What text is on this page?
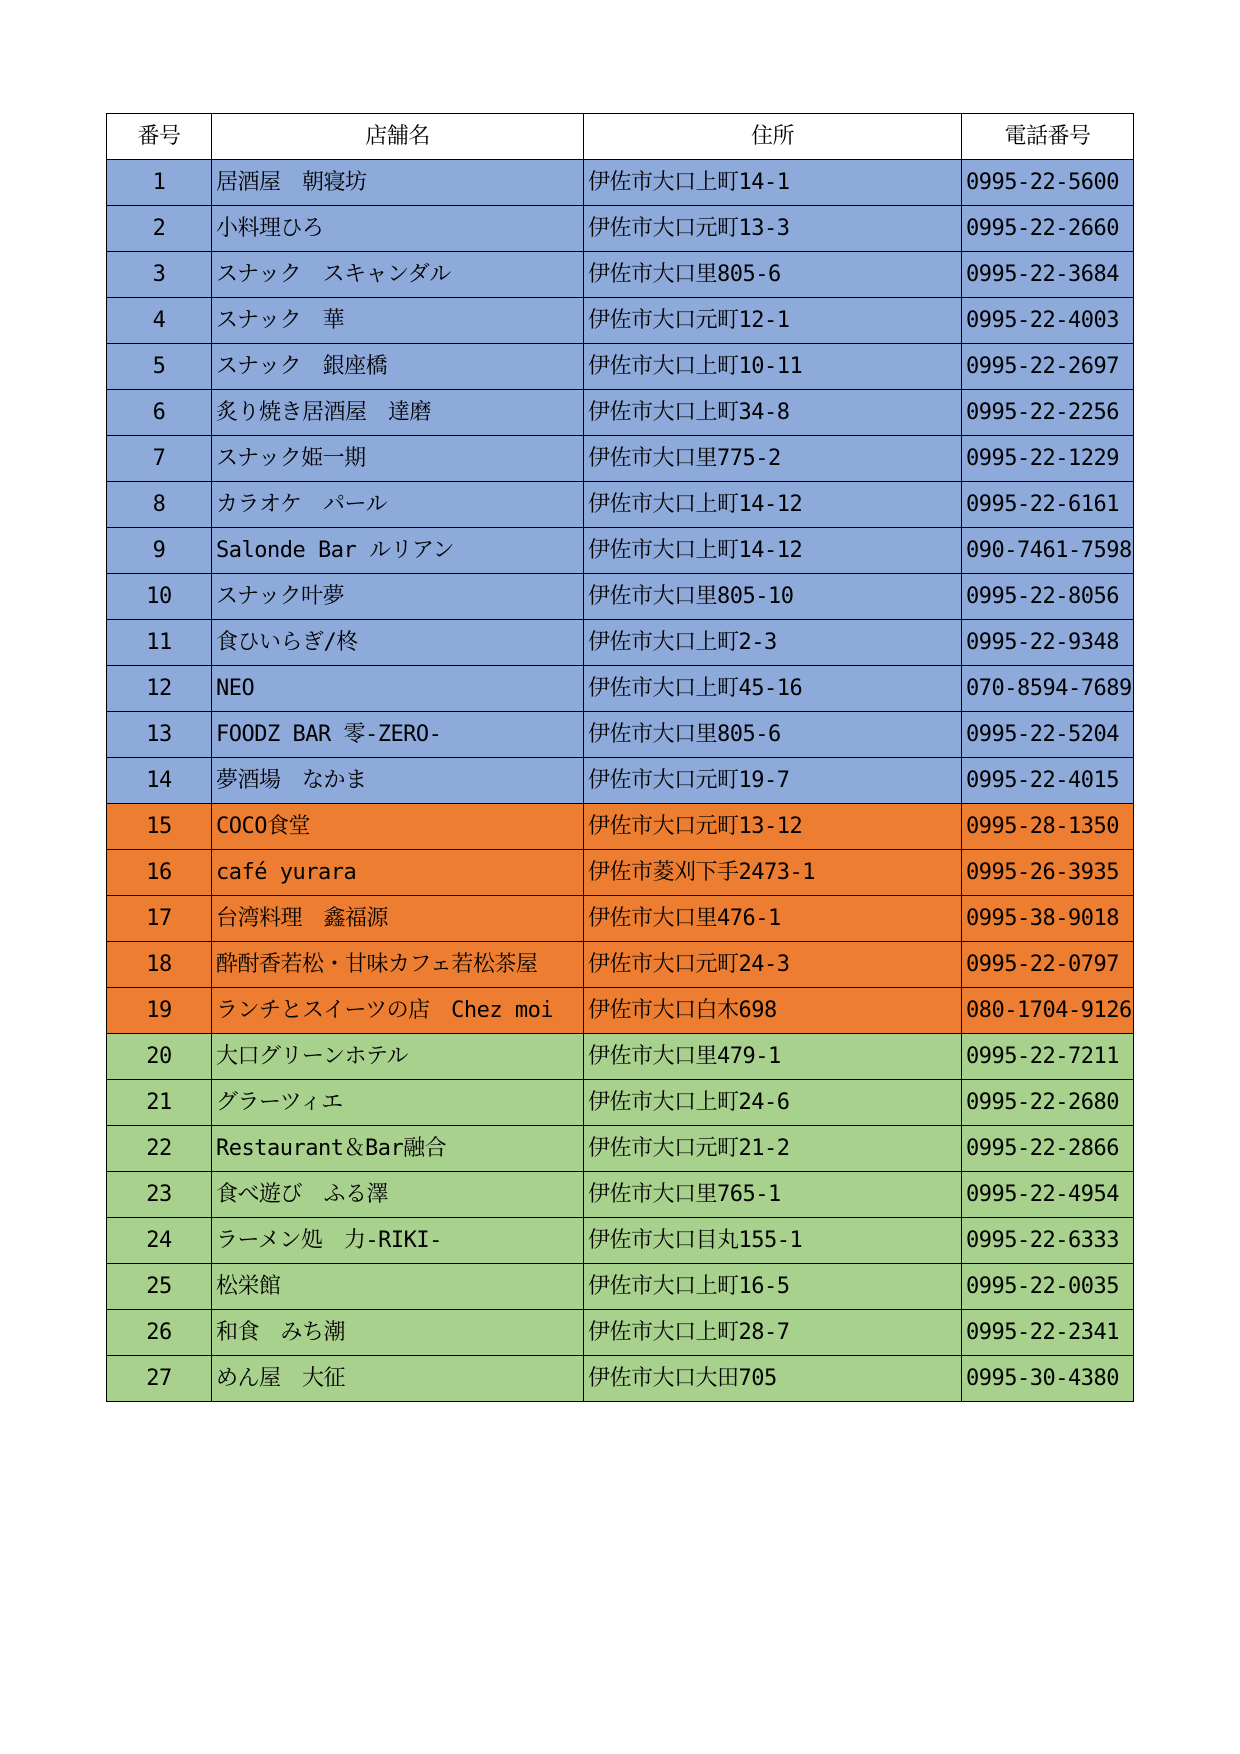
番号	店舗名	住所	電話番号
1	居酒屋　朝寝坊	伊佐市大口上町14-1	0995-22-5600
2	小料理ひろ	伊佐市大口元町13-3	0995-22-2660
3	スナック　スキャンダル	伊佐市大口里805-6	0995-22-3684
4	スナック　華	伊佐市大口元町12-1	0995-22-4003
5	スナック　銀座橋	伊佐市大口上町10-11	0995-22-2697
6	炙り焼き居酒屋　達磨	伊佐市大口上町34-8	0995-22-2256
7	スナック姫一期	伊佐市大口里775-2	0995-22-1229
8	カラオケ　パール	伊佐市大口上町14-12	0995-22-6161
9	Salonde Bar ルリアン	伊佐市大口上町14-12	090-7461-7598
10	スナック叶夢	伊佐市大口里805-10	0995-22-8056
11	食ひいらぎ/柊	伊佐市大口上町2-3	0995-22-9348
12	NEO	伊佐市大口上町45-16	070-8594-7689
13	FOODZ BAR 零-ZERO-	伊佐市大口里805-6	0995-22-5204
14	夢酒場　なかま	伊佐市大口元町19-7	0995-22-4015
15	COCO食堂	伊佐市大口元町13-12	0995-28-1350
16	café yurara	伊佐市菱刈下手2473-1	0995-26-3935
17	台湾料理　鑫福源	伊佐市大口里476-1	0995-38-9018
18	酔酎香若松・甘味カフェ若松茶屋	伊佐市大口元町24-3	0995-22-0797
19	ランチとスイーツの店　Chez moi	伊佐市大口白木698	080-1704-9126
20	大口グリーンホテル	伊佐市大口里479-1	0995-22-7211
21	グラーツィエ	伊佐市大口上町24-6	0995-22-2680
22	Restaurant＆Bar融合	伊佐市大口元町21-2	0995-22-2866
23	食べ遊び　ふる澤	伊佐市大口里765-1	0995-22-4954
24	ラーメン処　力-RIKI-	伊佐市大口目丸155-1	0995-22-6333
25	松栄館	伊佐市大口上町16-5	0995-22-0035
26	和食　みち潮	伊佐市大口上町28-7	0995-22-2341
27	めん屋　大征	伊佐市大口大田705	0995-30-4380
